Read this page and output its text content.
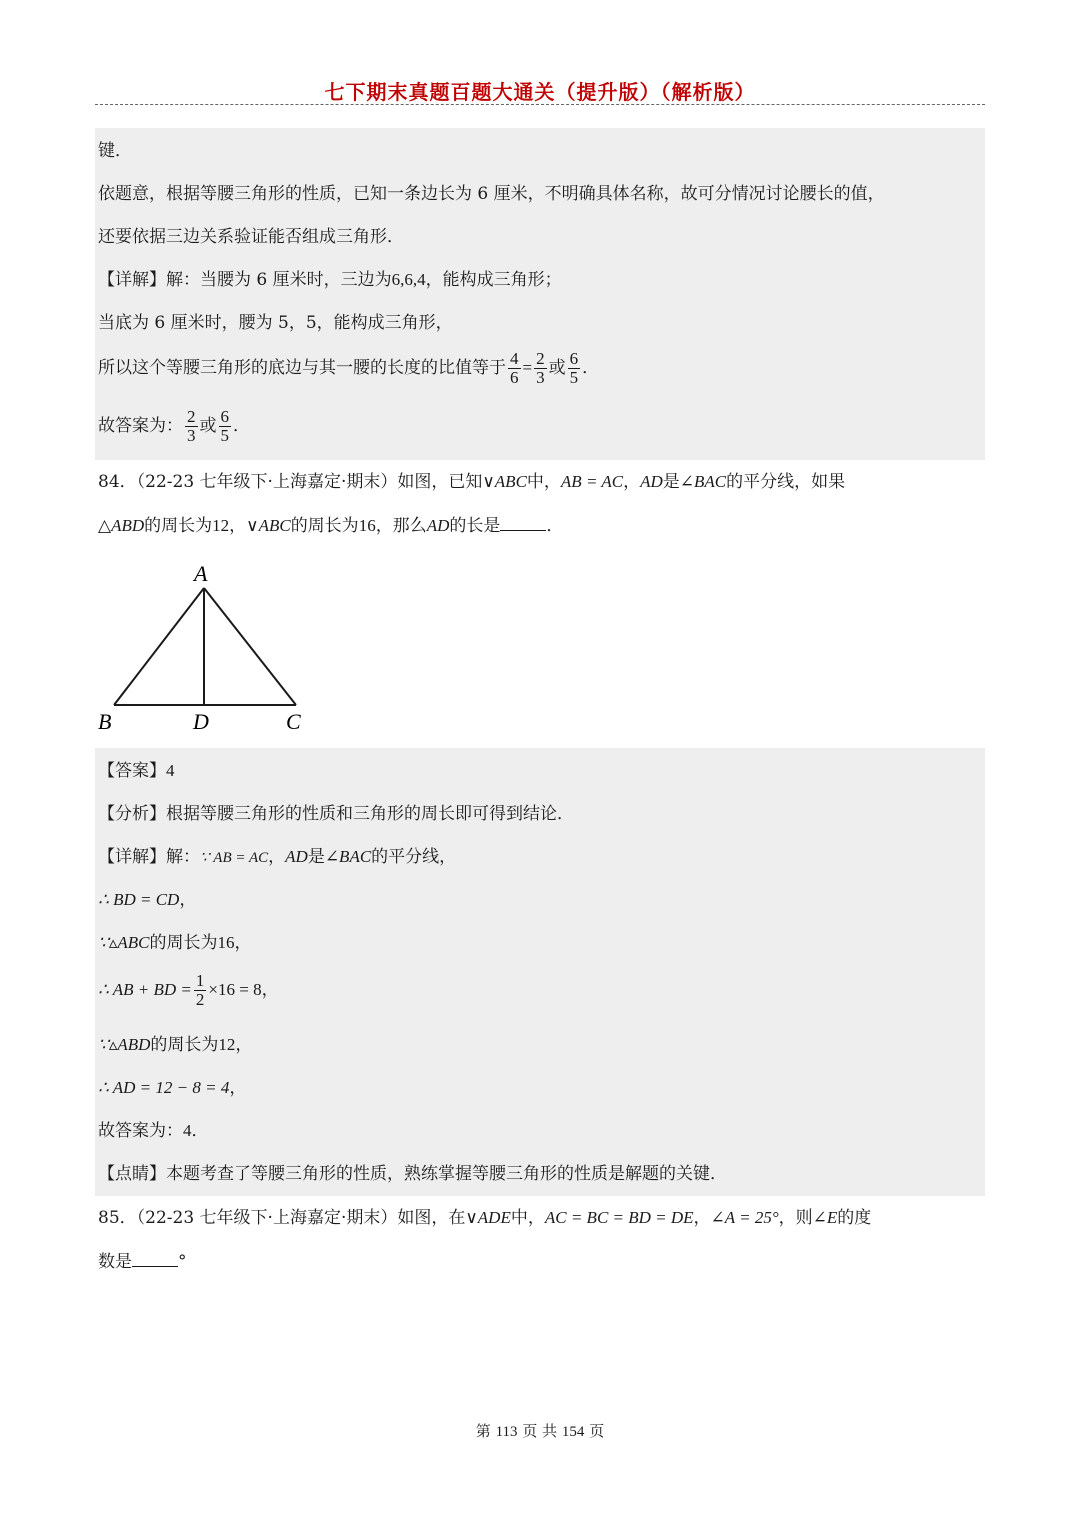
七下期末真题百题大通关（提升版）（解析版）
键．
依题意，根据等腰三角形的性质，已知一条边长为 6 厘米，不明确具体名称，故可分情况讨论腰长的值，
还要依据三边关系验证能否组成三角形．
【详解】解：当腰为 6 厘米时，三边为6,6,4，能构成三角形；
当底为 6 厘米时，腰为 5，5，能构成三角形，
所以这个等腰三角形的底边与其一腰的长度的比值等于 $\frac{4}{6} = \frac{2}{3}$ 或 $\frac{6}{5}$ ．
故答案为： $\frac{2}{3}$ 或 $\frac{6}{5}$ ．
84．（22-23 七年级下·上海嘉定·期末）如图，已知∨ABC中，AB = AC，AD是∠BAC的平分线，如果
△ABD的周长为12，∨ABC的周长为16，那么AD的长是	．
A
B	D	C
【答案】4
【分析】根据等腰三角形的性质和三角形的周长即可得到结论．
【详解】解：∵ AB = AC，AD是∠BAC的平分线，
∴ BD = CD，
∵▵ABC的周长为16，
∴ AB + BD = $\frac{1}{2} \times 16 = 8$，
∵▵ABD的周长为12，
∴ AD = 12 − 8 = 4，
故答案为：4．
【点睛】本题考查了等腰三角形的性质，熟练掌握等腰三角形的性质是解题的关键．
85．（22-23 七年级下·上海嘉定·期末）如图，在∨ADE中，AC = BC = BD = DE，∠A = 25°，则∠E的度
数是	°
第 113 页 共 154 页
